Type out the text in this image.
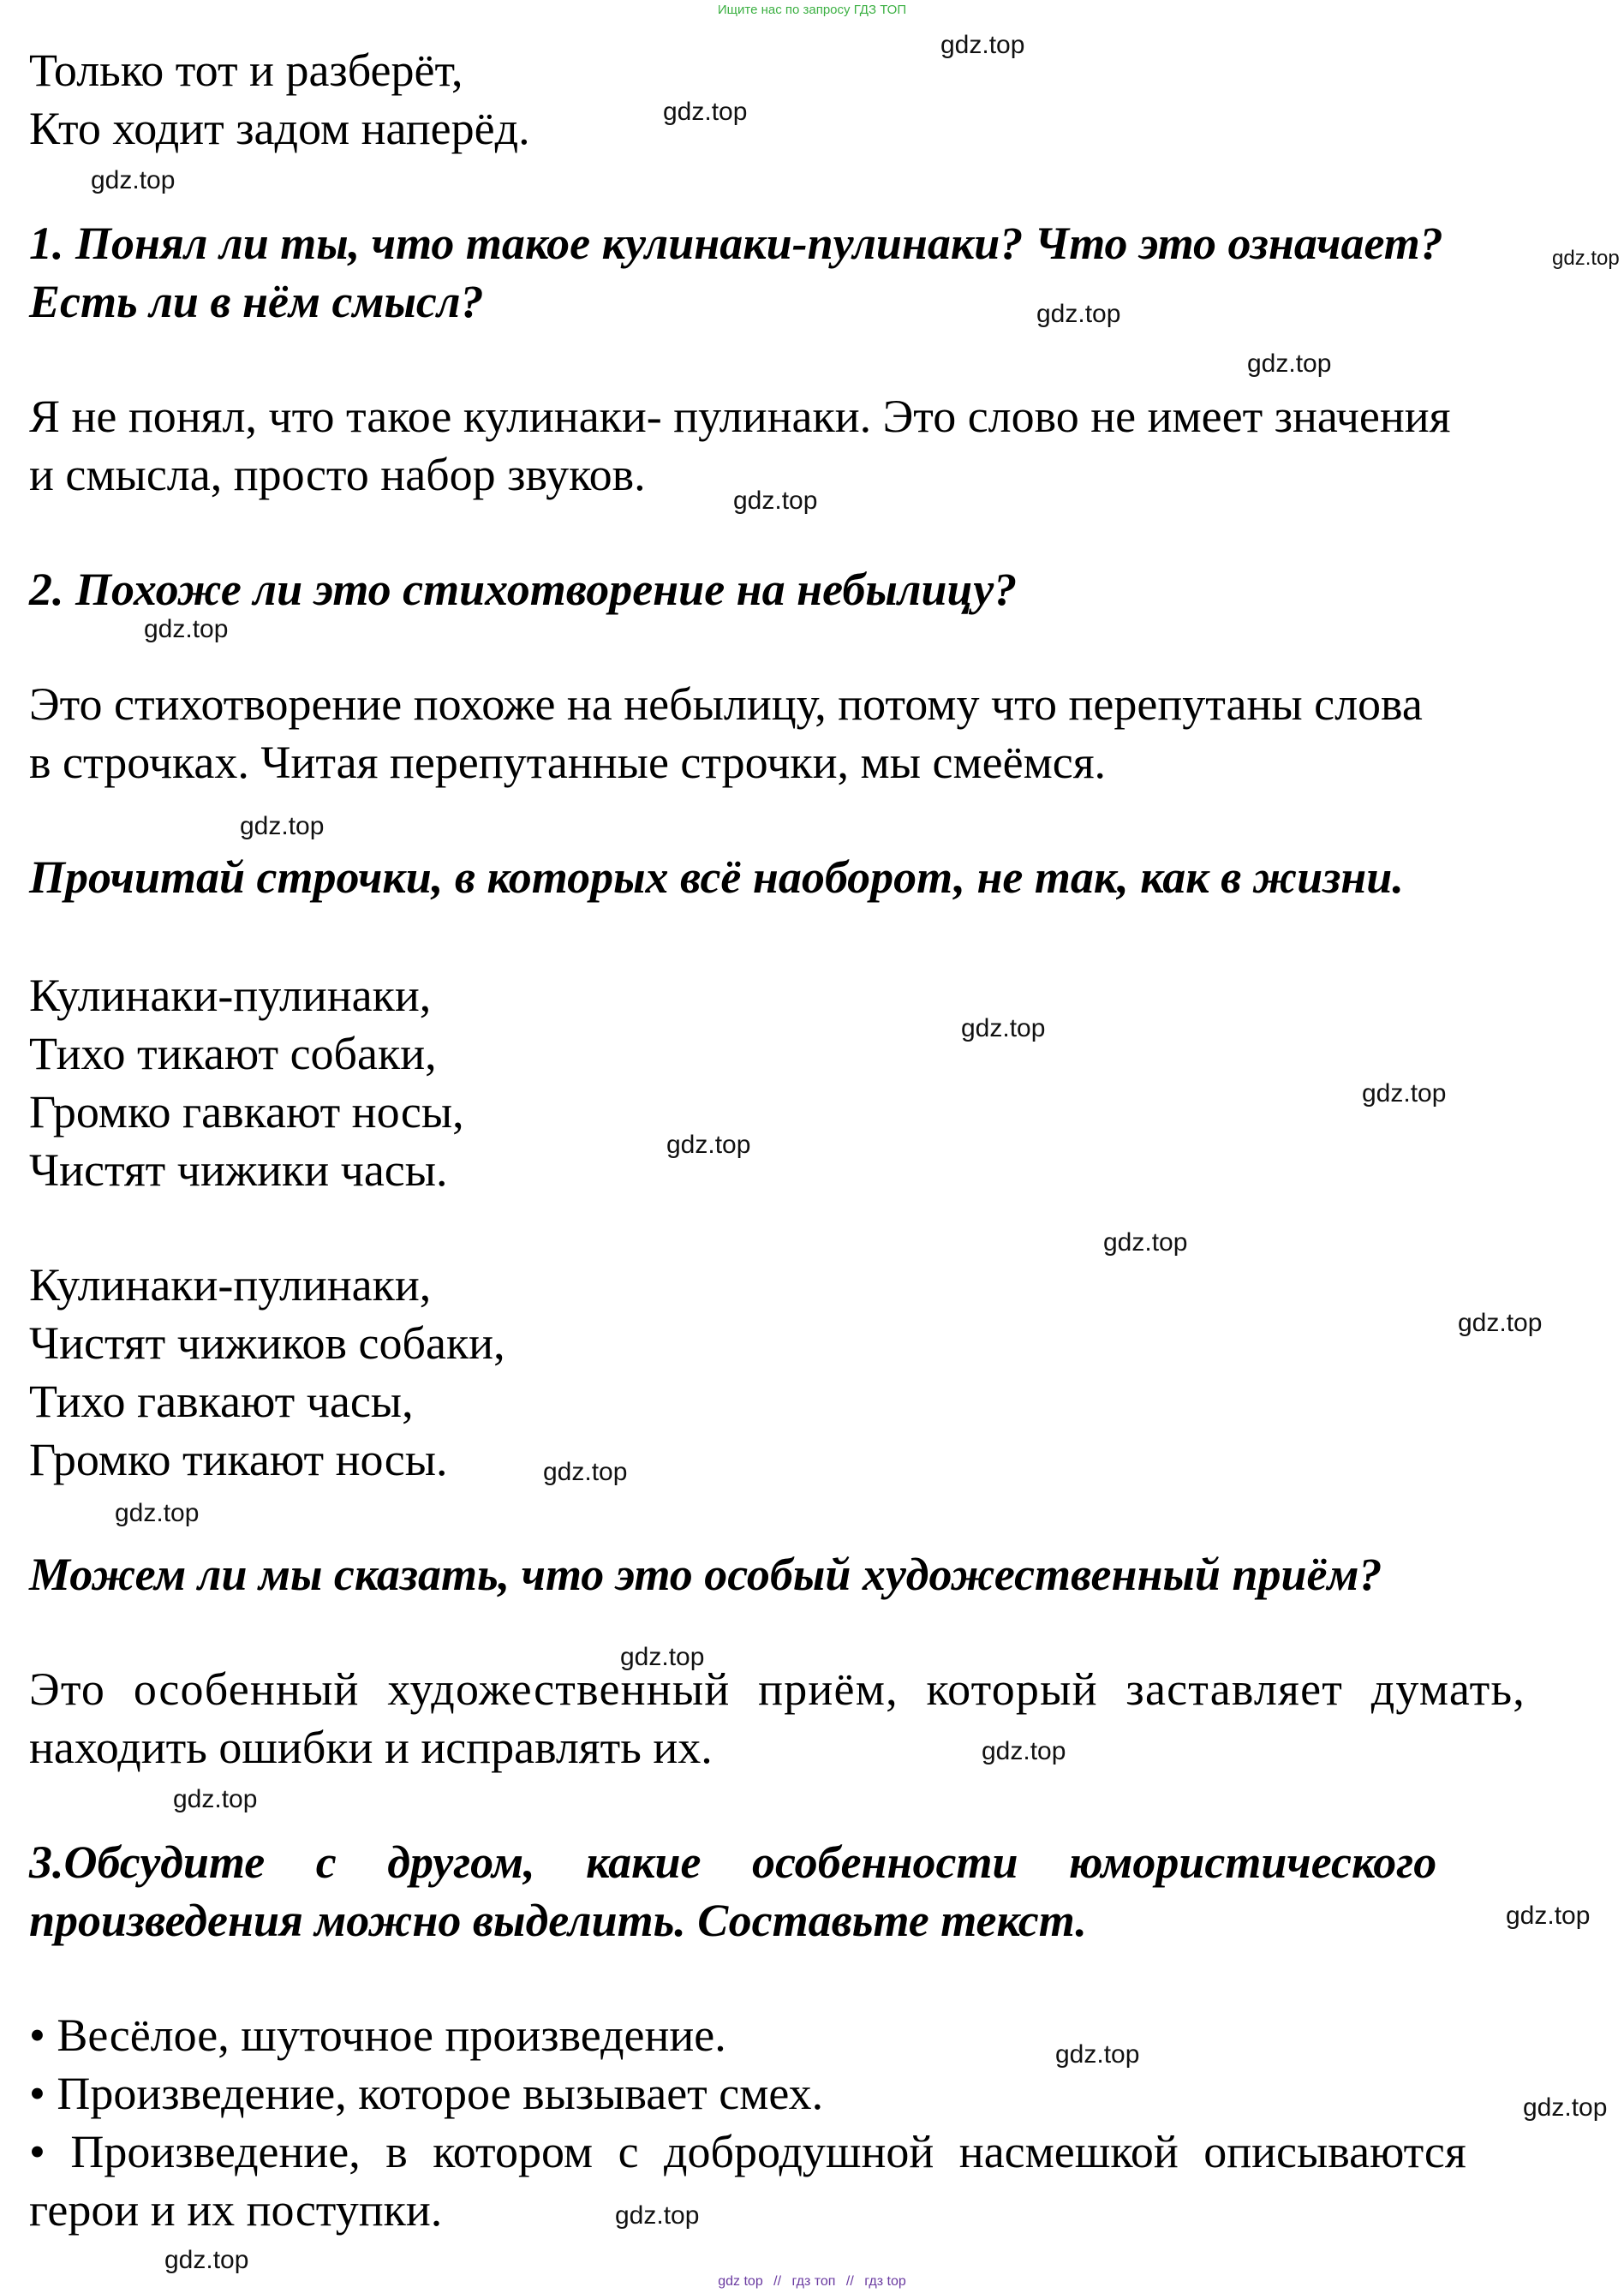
Ищите нас по запросу ГДЗ ТОП
Только тот и разберёт,
Кто ходит задом наперёд.
1. Понял ли ты, что такое кулинаки-пулинаки? Что это означает?
Есть ли в нём смысл?
Я не понял, что такое кулинаки- пулинаки. Это слово не имеет значения
и смысла, просто набор звуков.
2. Похоже ли это стихотворение на небылицу?
Это стихотворение похоже на небылицу, потому что перепутаны слова
в строчках. Читая перепутанные строчки, мы смеёмся.
Прочитай строчки, в которых всё наоборот, не так, как в жизни.
Кулинаки-пулинаки,
Тихо тикают собаки,
Громко гавкают носы,
Чистят чижики часы.
Кулинаки-пулинаки,
Чистят чижиков собаки,
Тихо гавкают часы,
Громко тикают носы.
Можем ли мы сказать, что это особый художественный приём?
Это особенный художественный приём, который заставляет думать,
находить ошибки и исправлять их.
3.Обсудите с другом, какие особенности юмористического
произведения можно выделить. Составьте текст.
• Весёлое, шуточное произведение.
• Произведение, которое вызывает смех.
• Произведение, в котором с добродушной насмешкой описываются
герои и их поступки.
gdz.top
gdz.top
gdz.top
gdz.top
gdz.top
gdz.top
gdz.top
gdz.top
gdz.top
gdz.top
gdz.top
gdz.top
gdz.top
gdz.top
gdz.top
gdz.top
gdz.top
gdz.top
gdz.top
gdz.top
gdz.top
gdz.top
gdz.top
gdz.top
gdz top // гдз топ // гдз top
